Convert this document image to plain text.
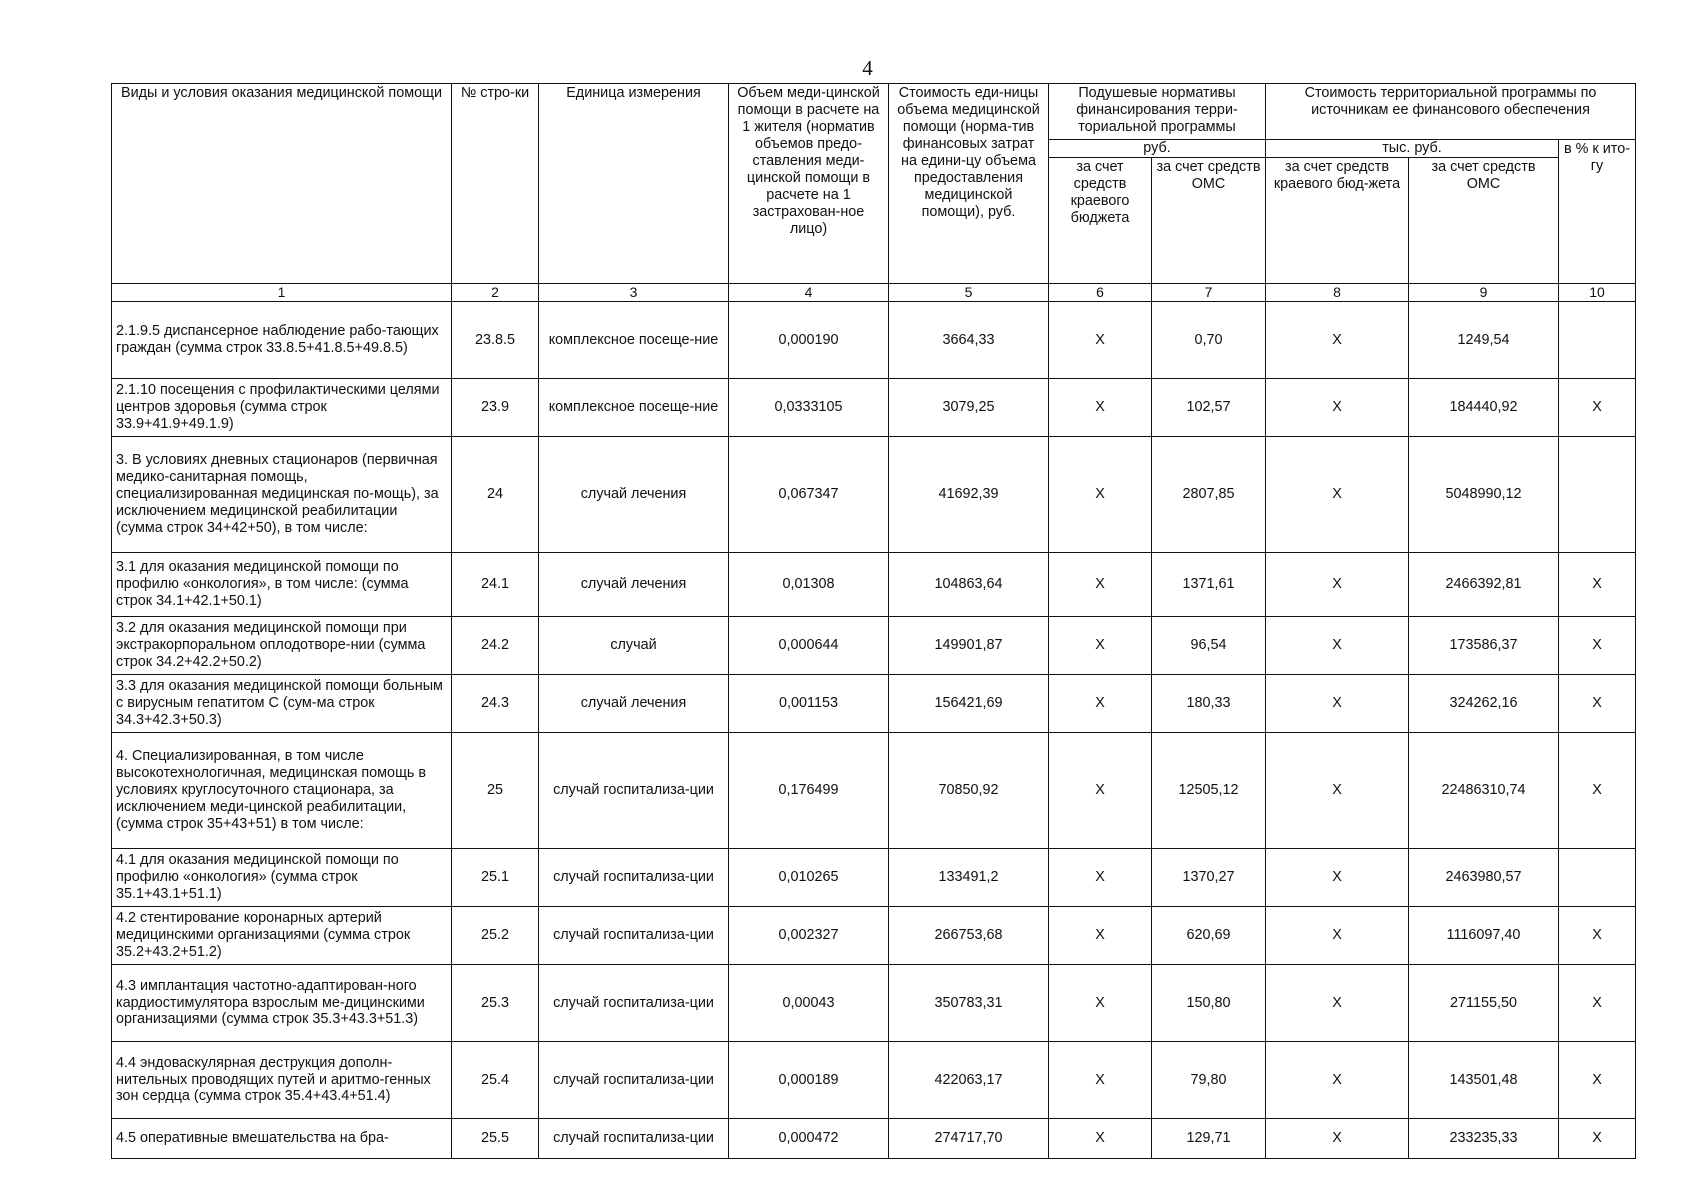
4
Виды и условия оказания медицинской помощи	№ стро-ки	Единица измерения	Объем меди-цинской помощи в расчете на 1 жителя (норматив объемов предо-ставления меди-цинской помощи в расчете на 1 застрахован-ное лицо)	Стоимость еди-ницы объема медицинской помощи (норма-тив финансовых затрат на едини-цу объема предоставления медицинской помощи), руб.	Подушевые нормативы финансирования терри-ториальной программы		Стоимость территориальной программы по источникам ее финансового обеспечения		
					руб.		тыс. руб.		в % к ито-гу
					за счет средств краевого бюджета	за счет средств ОМС	за счет средств краевого бюд-жета	за счет средств ОМС	
1	2	3	4	5	6	7	8	9	10
2.1.9.5 диспансерное наблюдение рабо-тающих граждан (сумма строк 33.8.5+41.8.5+49.8.5)	23.8.5	комплексное посеще-ние	0,000190	3664,33	X	0,70	X	1249,54	
2.1.10 посещения с профилактическими целями центров здоровья (сумма строк 33.9+41.9+49.1.9)	23.9	комплексное посеще-ние	0,0333105	3079,25	X	102,57	X	184440,92	X
3. В условиях дневных стационаров (первичная медико-санитарная помощь, специализированная медицинская по-мощь), за исключением медицинской реабилитации (сумма строк 34+42+50), в том числе:	24	случай лечения	0,067347	41692,39	X	2807,85	X	5048990,12	
3.1 для оказания медицинской помощи по профилю «онкология», в том числе: (сумма строк 34.1+42.1+50.1)	24.1	случай лечения	0,01308	104863,64	X	1371,61	X	2466392,81	X
3.2 для оказания медицинской помощи при экстракорпоральном оплодотворе-нии (сумма строк 34.2+42.2+50.2)	24.2	случай	0,000644	149901,87	X	96,54	X	173586,37	X
3.3 для оказания медицинской помощи больным с вирусным гепатитом С (сум-ма строк 34.3+42.3+50.3)	24.3	случай лечения	0,001153	156421,69	X	180,33	X	324262,16	X
4. Специализированная, в том числе высокотехнологичная, медицинская помощь в условиях круглосуточного стационара, за исключением меди-цинской реабилитации, (сумма строк 35+43+51) в том числе:	25	случай госпитализа-ции	0,176499	70850,92	X	12505,12	X	22486310,74	X
4.1 для оказания медицинской помощи по профилю «онкология» (сумма строк 35.1+43.1+51.1)	25.1	случай госпитализа-ции	0,010265	133491,2	X	1370,27	X	2463980,57	
4.2 стентирование коронарных артерий медицинскими организациями (сумма строк 35.2+43.2+51.2)	25.2	случай госпитализа-ции	0,002327	266753,68	X	620,69	X	1116097,40	X
4.3 имплантация частотно-адаптирован-ного кардиостимулятора взрослым ме-дицинскими организациями (сумма строк 35.3+43.3+51.3)	25.3	случай госпитализа-ции	0,00043	350783,31	X	150,80	X	271155,50	X
4.4 эндоваскулярная деструкция дополн-нительных проводящих путей и аритмо-генных зон сердца (сумма строк 35.4+43.4+51.4)	25.4	случай госпитализа-ции	0,000189	422063,17	X	79,80	X	143501,48	X
4.5 оперативные вмешательства на бра-	25.5	случай госпитализа-ции	0,000472	274717,70	X	129,71	X	233235,33	X
